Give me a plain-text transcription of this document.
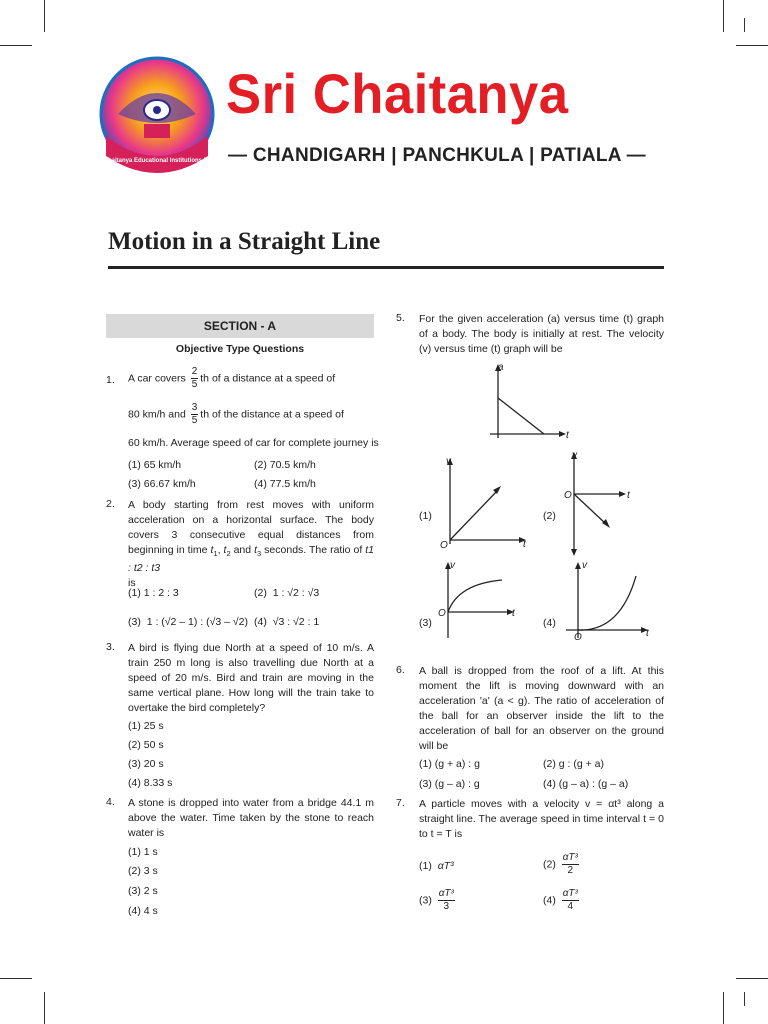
Sri Chaitanya Educational Institutions INDIA
Sri Chaitanya
— CHANDIGARH | PANCHKULA | PATIALA —
Motion in a Straight Line
SECTION - A
Objective Type Questions
1. A car covers $\frac{2}{5}$ th of a distance at a speed of
80 km/h and $\frac{3}{5}$ th of the distance at a speed of
60 km/h. Average speed of car for complete journey is
(1) 65 km/h	(2) 70.5 km/h
(3) 66.67 km/h	(4) 77.5 km/h
2. A body starting from rest moves with uniform acceleration on a horizontal surface. The body covers 3 consecutive equal distances from beginning in time $t_1$, $t_2$ and $t_3$ seconds. The ratio of t1 : t2 : t3
is
(1) 1 : 2 : 3	(2) 1 : √2 : √3
(3) 1 : (√2 – 1) : (√3 – √2) (4) √3 : √2 : 1
3. A bird is flying due North at a speed of 10 m/s. A train 250 m long is also travelling due North at a speed of 20 m/s. Bird and train are moving in the same vertical plane. How long will the train take to overtake the bird completely?
(1) 25 s
(2) 50 s
(3) 20 s
(4) 8.33 s
4. A stone is dropped into water from a bridge 44.1 m above the water. Time taken by the stone to reach water is
(1) 1 s
(2) 3 s
(3) 2 s
(4) 4 s
5. For the given acceleration (a) versus time (t) graph of a body. The body is initially at rest. The velocity (v) versus time (t) graph will be
a
t
(1)
v
O	t
(2)
v
O	t
(3)
v
O	t
(4)
v
O	t
6. A ball is dropped from the roof of a lift. At this moment the lift is moving downward with an acceleration 'a' (a < g). The ratio of acceleration of the ball for an observer inside the lift to the acceleration of ball for an observer on the ground will be
(1) (g + a) : g	(2) g : (g + a)
(3) (g – a) : g	(4) (g – a) : (g – a)
7. A particle moves with a velocity v = αt³ along a straight line. The average speed in time interval t = 0 to t = T is
(1) αT³	$(2) \frac{\text{αT³}}{2}$
$(3) \frac{\text{αT³}}{3}$	$(4) \frac{\text{αT³}}{4}$
